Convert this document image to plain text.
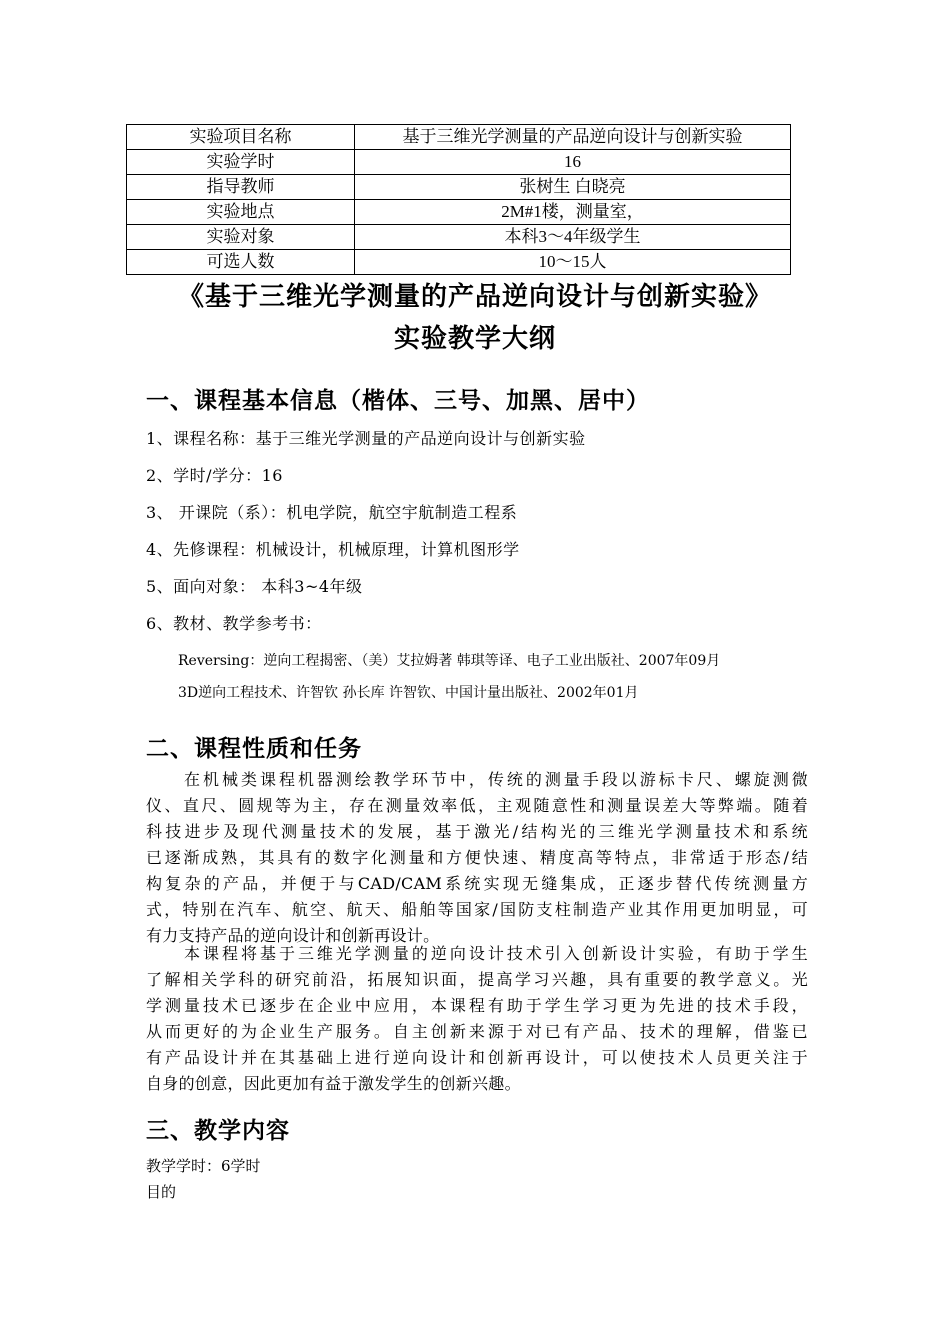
实验项目名称	基于三维光学测量的产品逆向设计与创新实验
实验学时	16
指导教师	张树生 白晓亮
实验地点	2M#1楼，测量室，
实验对象	本科3～4年级学生
可选人数	10～15人
《基于三维光学测量的产品逆向设计与创新实验》
实验教学大纲
一、课程基本信息（楷体、三号、加黑、居中）
1、课程名称：基于三维光学测量的产品逆向设计与创新实验
2、学时/学分：16
3、 开课院（系）：机电学院，航空宇航制造工程系
4、先修课程：机械设计，机械原理，计算机图形学
5、面向对象： 本科3~4年级
6、教材、教学参考书：
Reversing：逆向工程揭密、（美）艾拉姆著 韩琪等译、电子工业出版社、2007年09月
3D逆向工程技术、许智钦 孙长库 许智钦、中国计量出版社、2002年01月
二、课程性质和任务
在机械类课程机器测绘教学环节中，传统的测量手段以游标卡尺、螺旋测微
仪、直尺、圆规等为主，存在测量效率低，主观随意性和测量误差大等弊端。随着
科技进步及现代测量技术的发展，基于激光/结构光的三维光学测量技术和系统
已逐渐成熟，其具有的数字化测量和方便快速、精度高等特点，非常适于形态/结
构复杂的产品，并便于与CAD/CAM系统实现无缝集成，正逐步替代传统测量方
式，特别在汽车、航空、航天、船舶等国家/国防支柱制造产业其作用更加明显，可
有力支持产品的逆向设计和创新再设计。
本课程将基于三维光学测量的逆向设计技术引入创新设计实验，有助于学生
了解相关学科的研究前沿，拓展知识面，提高学习兴趣，具有重要的教学意义。光
学测量技术已逐步在企业中应用，本课程有助于学生学习更为先进的技术手段，
从而更好的为企业生产服务。自主创新来源于对已有产品、技术的理解，借鉴已
有产品设计并在其基础上进行逆向设计和创新再设计，可以使技术人员更关注于
自身的创意，因此更加有益于激发学生的创新兴趣。
三、教学内容
教学学时：6学时
目的
